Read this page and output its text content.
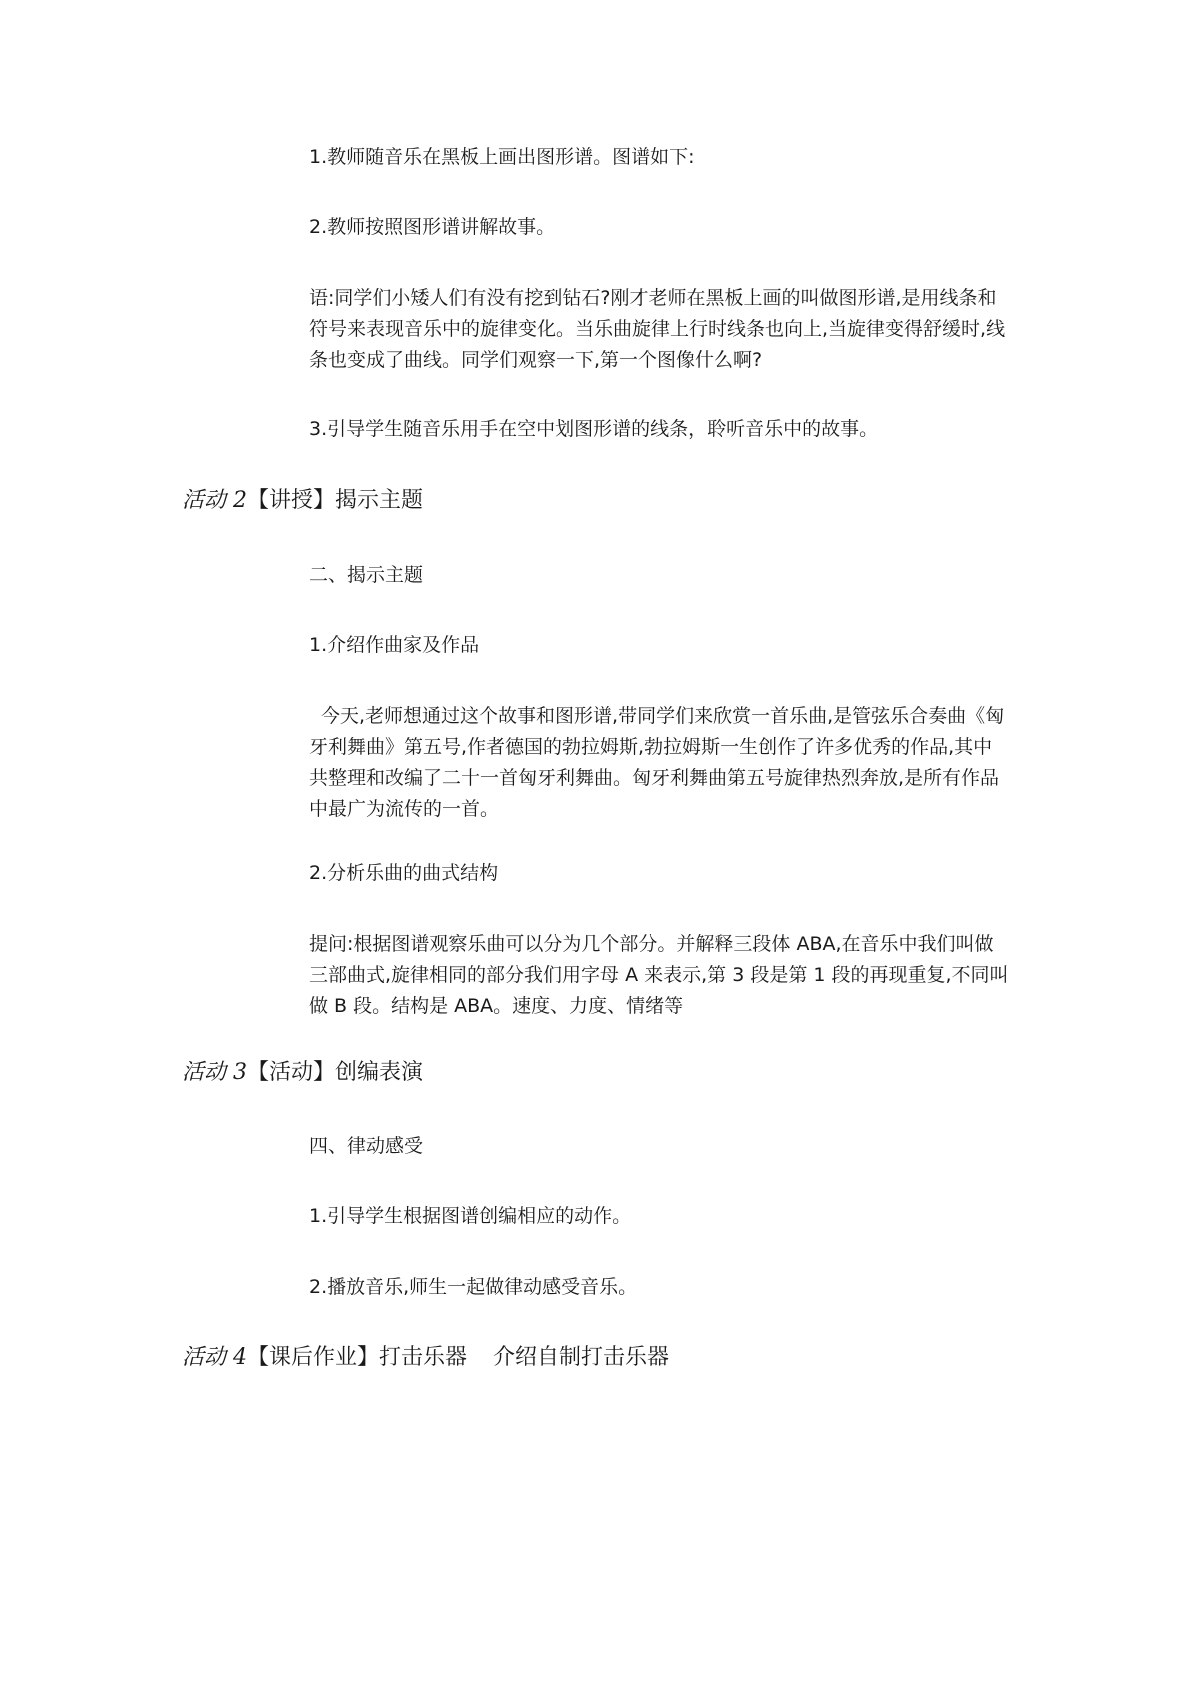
1.教师随音乐在黑板上画出图形谱。图谱如下:

2.教师按照图形谱讲解故事。

语:同学们小矮人们有没有挖到钻石?刚才老师在黑板上画的叫做图形谱,是用线条和符号来表现音乐中的旋律变化。当乐曲旋律上行时线条也向上,当旋律变得舒缓时,线条也变成了曲线。同学们观察一下,第一个图像什么啊?

3.引导学生随音乐用手在空中划图形谱的线条，聆听音乐中的故事。

活动 2【讲授】揭示主题

二、揭示主题

1.介绍作曲家及作品

今天,老师想通过这个故事和图形谱,带同学们来欣赏一首乐曲,是管弦乐合奏曲《匈牙利舞曲》第五号,作者德国的勃拉姆斯,勃拉姆斯一生创作了许多优秀的作品,其中共整理和改编了二十一首匈牙利舞曲。匈牙利舞曲第五号旋律热烈奔放,是所有作品中最广为流传的一首。

2.分析乐曲的曲式结构

提问:根据图谱观察乐曲可以分为几个部分。并解释三段体 ABA,在音乐中我们叫做三部曲式,旋律相同的部分我们用字母 A 来表示,第 3 段是第 1 段的再现重复,不同叫做 B 段。结构是 ABA。速度、力度、情绪等

活动 3【活动】创编表演

四、律动感受

1.引导学生根据图谱创编相应的动作。

2.播放音乐,师生一起做律动感受音乐。

活动 4【课后作业】打击乐器 介绍自制打击乐器
